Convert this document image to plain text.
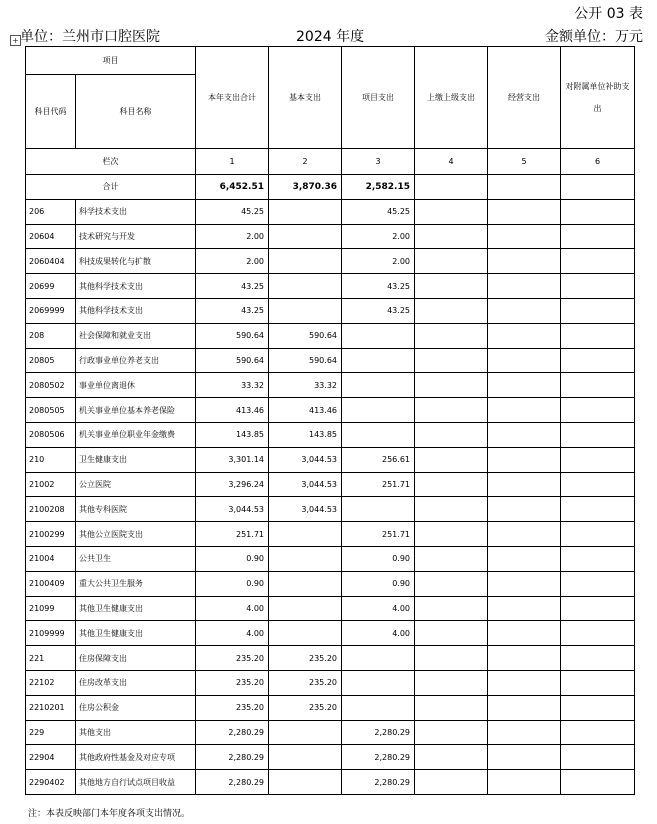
公开 03 表
+ 单位：兰州市口腔医院	2024 年度	金额单位：万元
项目		本年支出合计	基本支出	项目支出	上缴上级支出	经营支出	对附属单位补助支出
科目代码	科目名称						
栏次		1	2	3	4	5	6
合计		6,452.51	3,870.36	2,582.15			
206	科学技术支出	45.25		45.25			
20604	技术研究与开发	2.00		2.00			
2060404	科技成果转化与扩散	2.00		2.00			
20699	其他科学技术支出	43.25		43.25			
2069999	其他科学技术支出	43.25		43.25			
208	社会保障和就业支出	590.64	590.64				
20805	行政事业单位养老支出	590.64	590.64				
2080502	事业单位离退休	33.32	33.32				
2080505	机关事业单位基本养老保险	413.46	413.46				
2080506	机关事业单位职业年金缴费	143.85	143.85				
210	卫生健康支出	3,301.14	3,044.53	256.61			
21002	公立医院	3,296.24	3,044.53	251.71			
2100208	其他专科医院	3,044.53	3,044.53				
2100299	其他公立医院支出	251.71		251.71			
21004	公共卫生	0.90		0.90			
2100409	重大公共卫生服务	0.90		0.90			
21099	其他卫生健康支出	4.00		4.00			
2109999	其他卫生健康支出	4.00		4.00			
221	住房保障支出	235.20	235.20				
22102	住房改革支出	235.20	235.20				
2210201	住房公积金	235.20	235.20				
229	其他支出	2,280.29		2,280.29			
22904	其他政府性基金及对应专项	2,280.29		2,280.29			
2290402	其他地方自行试点项目收益	2,280.29		2,280.29			
注：本表反映部门本年度各项支出情况。
